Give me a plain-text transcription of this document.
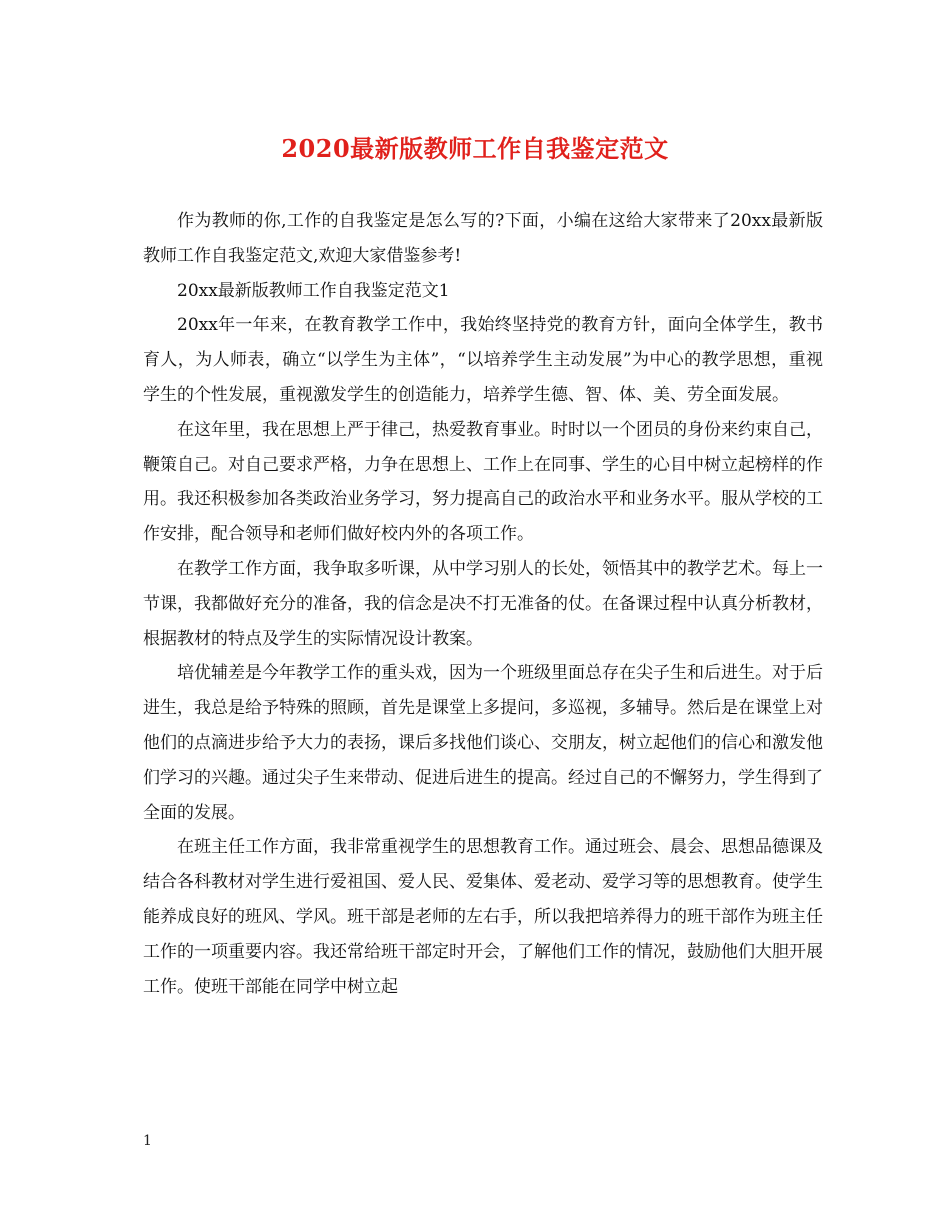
2020最新版教师工作自我鉴定范文

作为教师的你,工作的自我鉴定是怎么写的?下面，小编在这给大家带来了20xx最新版教师工作自我鉴定范文,欢迎大家借鉴参考!

20xx最新版教师工作自我鉴定范文1

20xx年一年来，在教育教学工作中，我始终坚持党的教育方针，面向全体学生，教书育人，为人师表，确立“以学生为主体”，“以培养学生主动发展”为中心的教学思想，重视学生的个性发展，重视激发学生的创造能力，培养学生德、智、体、美、劳全面发展。

在这年里，我在思想上严于律己，热爱教育事业。时时以一个团员的身份来约束自己，鞭策自己。对自己要求严格，力争在思想上、工作上在同事、学生的心目中树立起榜样的作用。我还积极参加各类政治业务学习，努力提高自己的政治水平和业务水平。服从学校的工作安排，配合领导和老师们做好校内外的各项工作。

在教学工作方面，我争取多听课，从中学习别人的长处，领悟其中的教学艺术。每上一节课，我都做好充分的准备，我的信念是决不打无准备的仗。在备课过程中认真分析教材，根据教材的特点及学生的实际情况设计教案。

培优辅差是今年教学工作的重头戏，因为一个班级里面总存在尖子生和后进生。对于后进生，我总是给予特殊的照顾，首先是课堂上多提问，多巡视，多辅导。然后是在课堂上对他们的点滴进步给予大力的表扬，课后多找他们谈心、交朋友，树立起他们的信心和激发他们学习的兴趣。通过尖子生来带动、促进后进生的提高。经过自己的不懈努力，学生得到了全面的发展。

在班主任工作方面，我非常重视学生的思想教育工作。通过班会、晨会、思想品德课及结合各科教材对学生进行爱祖国、爱人民、爱集体、爱老动、爱学习等的思想教育。使学生能养成良好的班风、学风。班干部是老师的左右手，所以我把培养得力的班干部作为班主任工作的一项重要内容。我还常给班干部定时开会，了解他们工作的情况，鼓励他们大胆开展工作。使班干部能在同学中树立起

1
